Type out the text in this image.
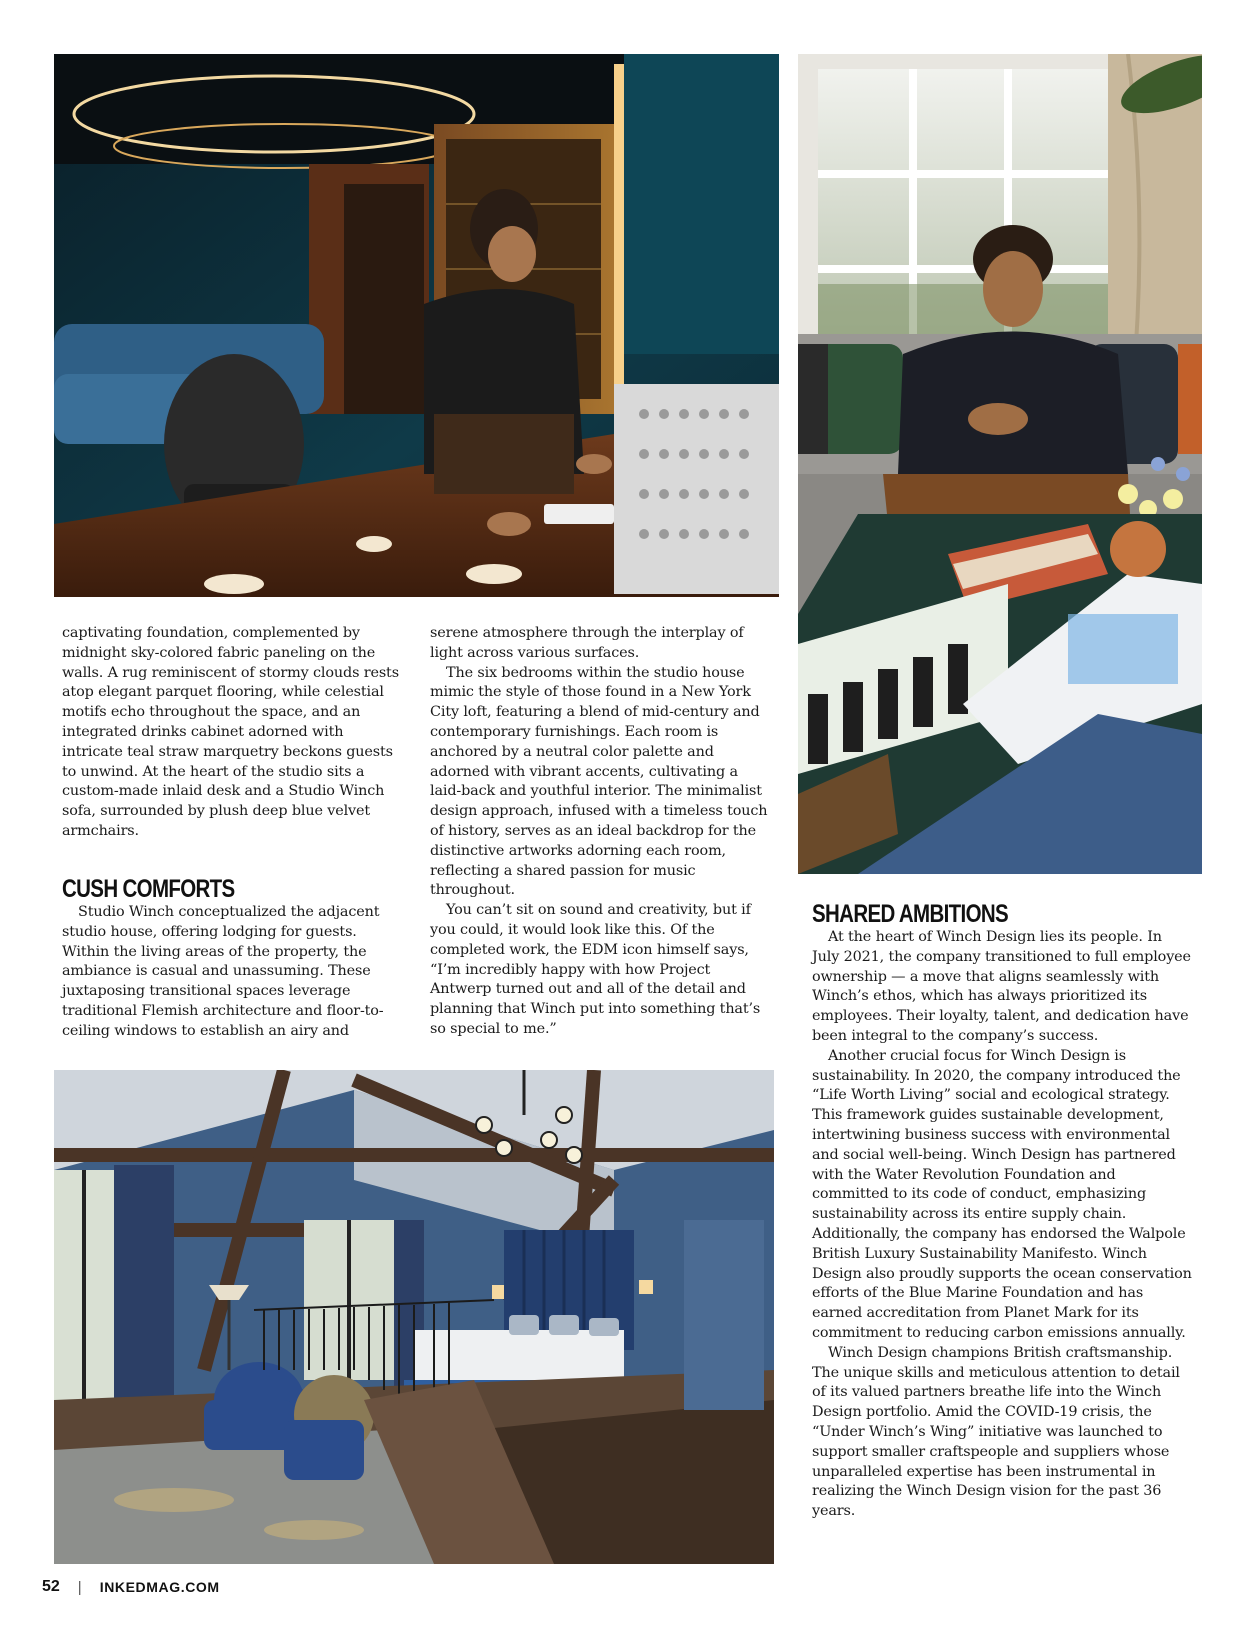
captivating foundation, complemented by midnight sky-colored fabric paneling on the walls. A rug reminiscent of stormy clouds rests atop elegant parquet flooring, while celestial motifs echo throughout the space, and an integrated drinks cabinet adorned with intricate teal straw marquetry beckons guests to unwind. At the heart of the studio sits a custom-made inlaid desk and a Studio Winch sofa, surrounded by plush deep blue velvet armchairs.

CUSH COMFORTS

Studio Winch conceptualized the adjacent studio house, offering lodging for guests. Within the living areas of the property, the ambiance is casual and unassuming. These juxtaposing transitional spaces leverage traditional Flemish architecture and floor-to-ceiling windows to establish an airy and

serene atmosphere through the interplay of light across various surfaces.

The six bedrooms within the studio house mimic the style of those found in a New York City loft, featuring a blend of mid-century and contemporary furnishings. Each room is anchored by a neutral color palette and adorned with vibrant accents, cultivating a laid-back and youthful interior. The minimalist design approach, infused with a timeless touch of history, serves as an ideal backdrop for the distinctive artworks adorning each room, reflecting a shared passion for music throughout.

You can’t sit on sound and creativity, but if you could, it would look like this. Of the completed work, the EDM icon himself says, “I’m incredibly happy with how Project Antwerp turned out and all of the detail and planning that Winch put into something that’s so special to me.”

SHARED AMBITIONS

At the heart of Winch Design lies its people. In July 2021, the company transitioned to full employee ownership — a move that aligns seamlessly with Winch’s ethos, which has always prioritized its employees. Their loyalty, talent, and dedication have been integral to the company’s success.

Another crucial focus for Winch Design is sustainability. In 2020, the company introduced the “Life Worth Living” social and ecological strategy. This framework guides sustainable development, intertwining business success with environmental and social well-being. Winch Design has partnered with the Water Revolution Foundation and committed to its code of conduct, emphasizing sustainability across its entire supply chain. Additionally, the company has endorsed the Walpole British Luxury Sustainability Manifesto. Winch Design also proudly supports the ocean conservation efforts of the Blue Marine Foundation and has earned accreditation from Planet Mark for its commitment to reducing carbon emissions annually.

Winch Design champions British craftsmanship. The unique skills and meticulous attention to detail of its valued partners breathe life into the Winch Design portfolio. Amid the COVID-19 crisis, the “Under Winch’s Wing” initiative was launched to support smaller craftspeople and suppliers whose unparalleled expertise has been instrumental in realizing the Winch Design vision for the past 36 years.

52 | INKEDMAG.COM
